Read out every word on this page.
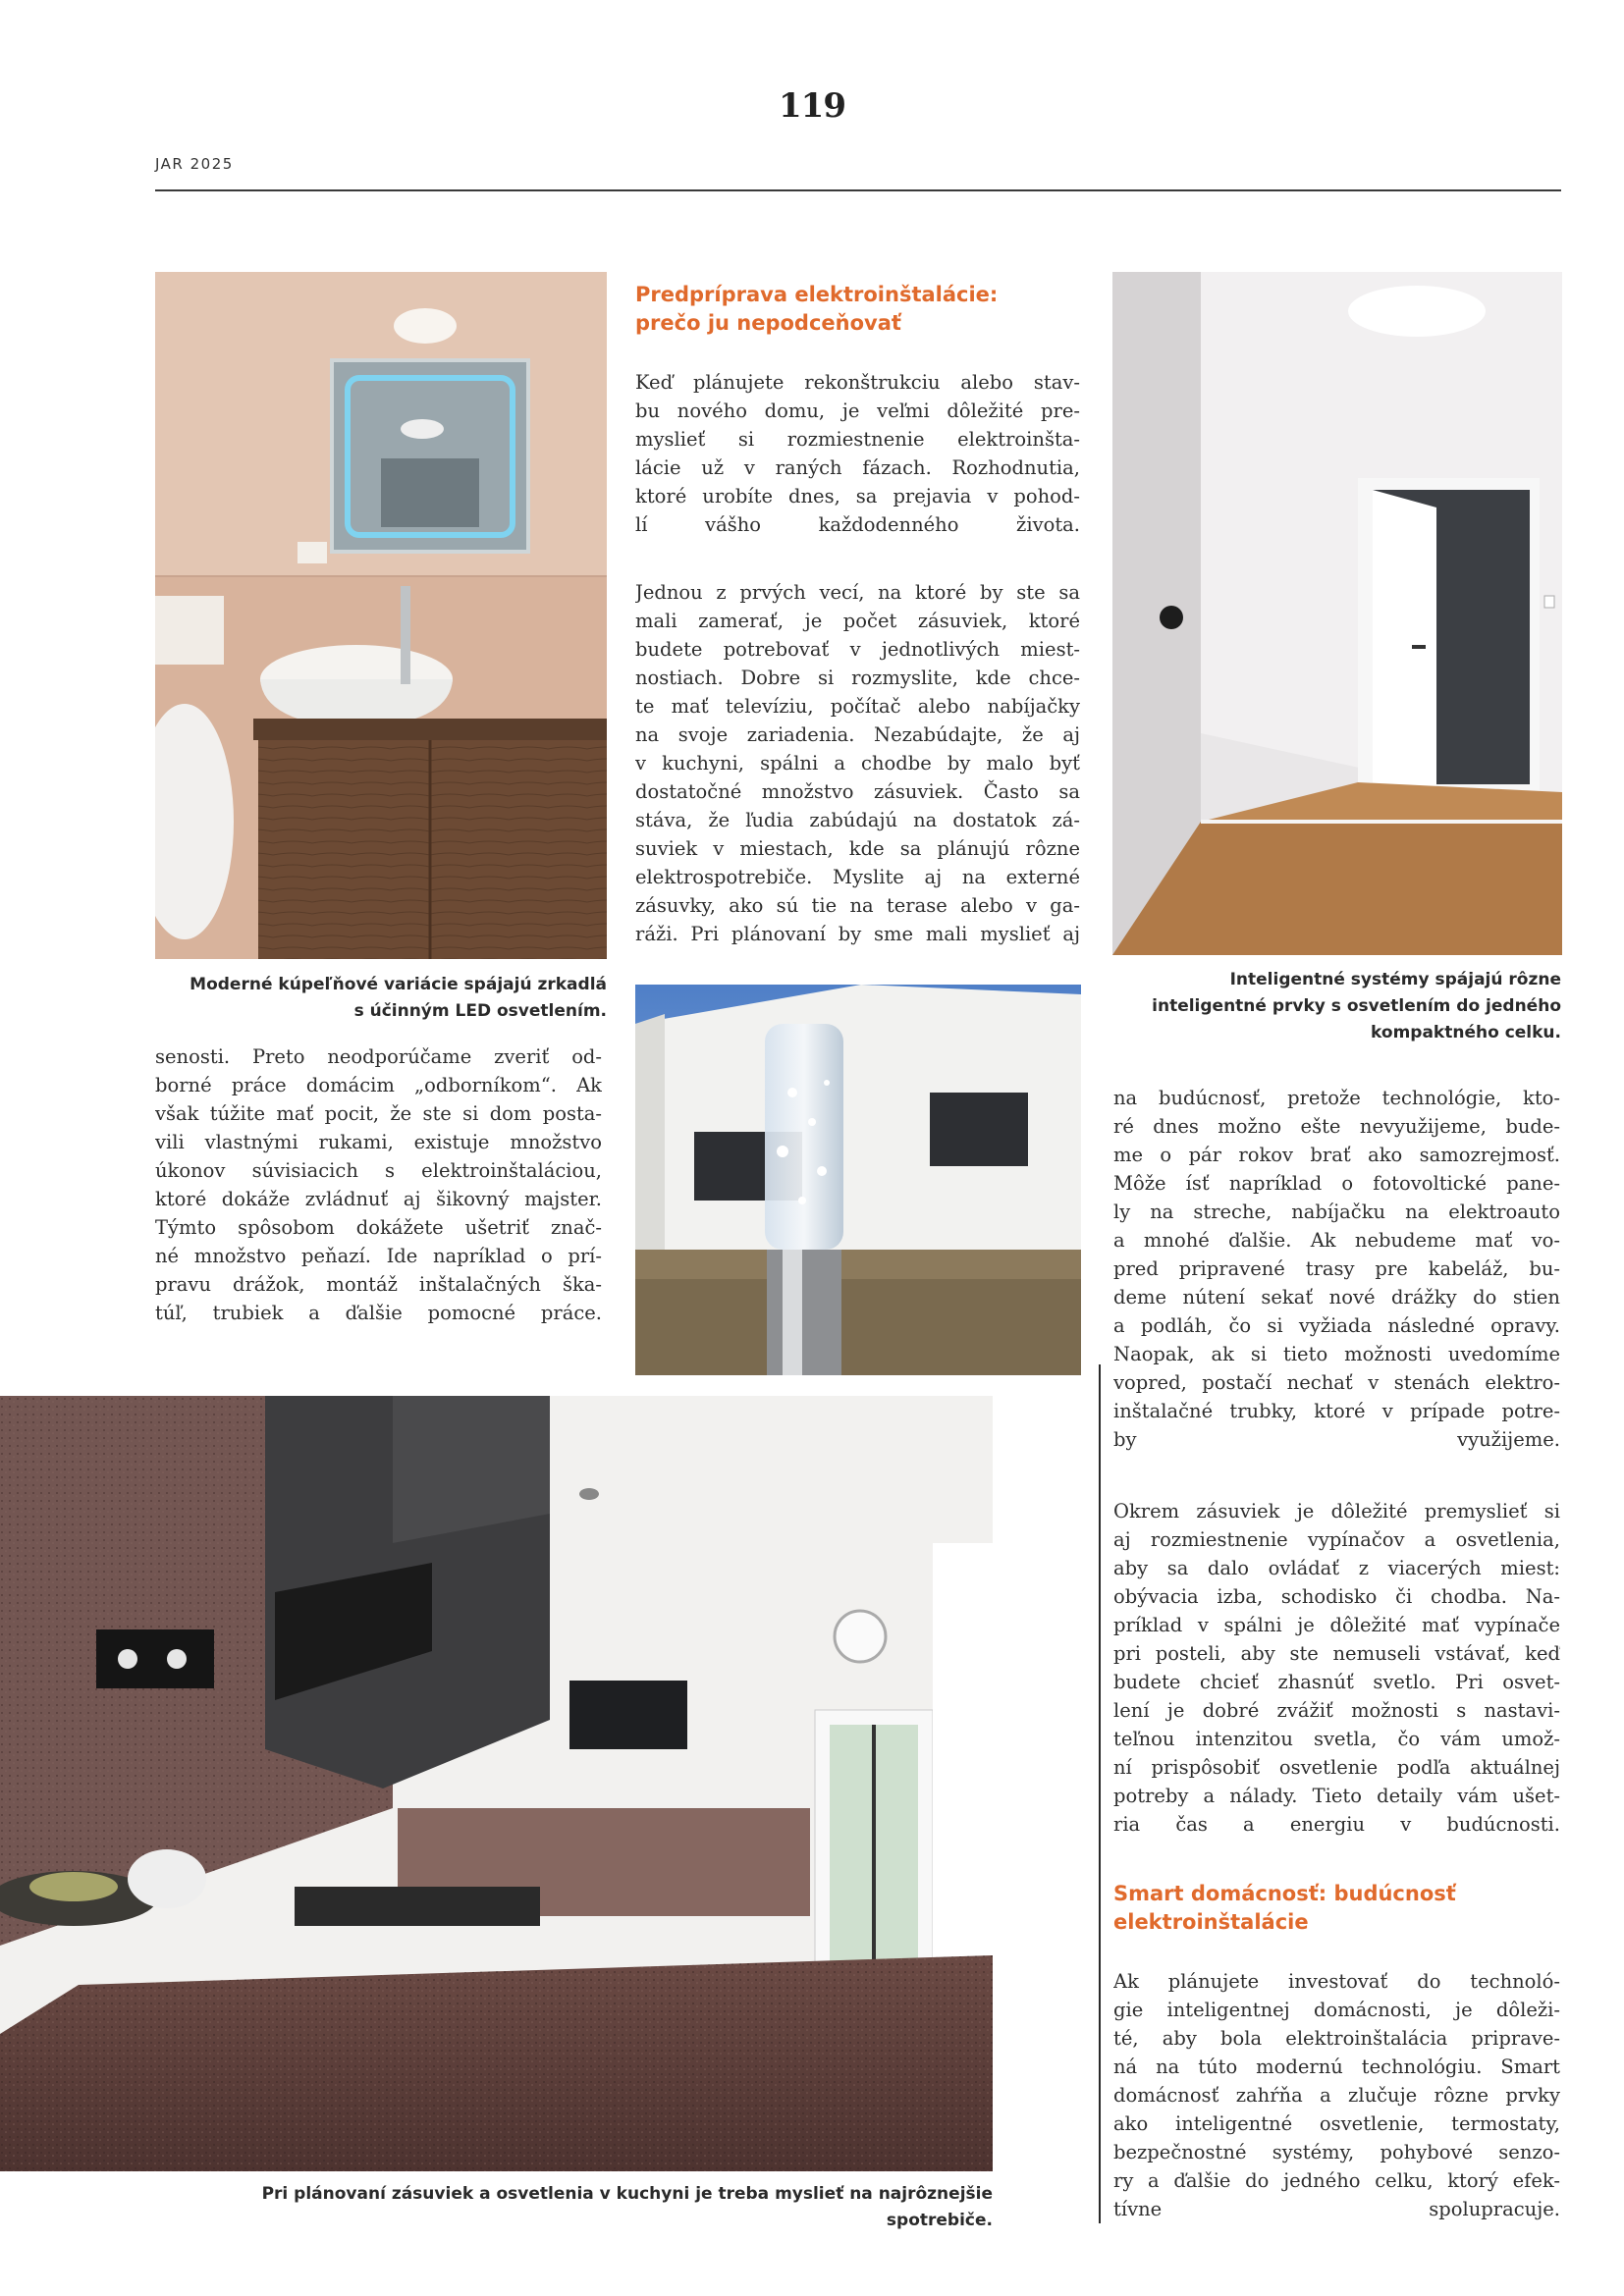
119
JAR 2025
Moderné kúpeľňové variácie spájajú zrkadlá
s účinným LED osvetlením.
Predpríprava elektroinštalácie:
prečo ju nepodceňovať
Keď plánujete rekonštrukciu alebo stav-
bu nového domu, je veľmi dôležité pre-
myslieť si rozmiestnenie elektroinšta-
lácie už v raných fázach. Rozhodnutia,
ktoré urobíte dnes, sa prejavia v pohod-
lí vášho každodenného života.
Jednou z prvých vecí, na ktoré by ste sa
mali zamerať, je počet zásuviek, ktoré
budete potrebovať v jednotlivých miest-
nostiach. Dobre si rozmyslite, kde chce-
te mať televíziu, počítač alebo nabíjačky
na svoje zariadenia. Nezabúdajte, že aj
v kuchyni, spálni a chodbe by malo byť
dostatočné množstvo zásuviek. Často sa
stáva, že ľudia zabúdajú na dostatok zá-
suviek v miestach, kde sa plánujú rôzne
elektrospotrebiče. Myslite aj na externé
zásuvky, ako sú tie na terase alebo v ga-
ráži. Pri plánovaní by sme mali myslieť aj
senosti. Preto neodporúčame zveriť od-
borné práce domácim „odborníkom“. Ak
však túžite mať pocit, že ste si dom posta-
vili vlastnými rukami, existuje množstvo
úkonov súvisiacich s elektroinštaláciou,
ktoré dokáže zvládnuť aj šikovný majster.
Týmto spôsobom dokážete ušetriť znač-
né množstvo peňazí. Ide napríklad o prí-
pravu drážok, montáž inštalačných ška-
túľ, trubiek a ďalšie pomocné práce.
Inteligentné systémy spájajú rôzne
inteligentné prvky s osvetlením do jedného
kompaktného celku.
na budúcnosť, pretože technológie, kto-
ré dnes možno ešte nevyužijeme, bude-
me o pár rokov brať ako samozrejmosť.
Môže ísť napríklad o fotovoltické pane-
ly na streche, nabíjačku na elektroauto
a mnohé ďalšie. Ak nebudeme mať vo-
pred pripravené trasy pre kabeláž, bu-
deme nútení sekať nové drážky do stien
a podláh, čo si vyžiada následné opravy.
Naopak, ak si tieto možnosti uvedomíme
vopred, postačí nechať v stenách elektro-
inštalačné trubky, ktoré v prípade potre-
by využijeme.
Okrem zásuviek je dôležité premyslieť si
aj rozmiestnenie vypínačov a osvetlenia,
aby sa dalo ovládať z viacerých miest:
obývacia izba, schodisko či chodba. Na-
príklad v spálni je dôležité mať vypínače
pri posteli, aby ste nemuseli vstávať, keď
budete chcieť zhasnúť svetlo. Pri osvet-
lení je dobré zvážiť možnosti s nastavi-
teľnou intenzitou svetla, čo vám umož-
ní prispôsobiť osvetlenie podľa aktuálnej
potreby a nálady. Tieto detaily vám ušet-
ria čas a energiu v budúcnosti.
Smart domácnosť: budúcnosť
elektroinštalácie
Ak plánujete investovať do technoló-
gie inteligentnej domácnosti, je dôleži-
té, aby bola elektroinštalácia priprave-
ná na túto modernú technológiu. Smart
domácnosť zahŕňa a zlučuje rôzne prvky
ako inteligentné osvetlenie, termostaty,
bezpečnostné systémy, pohybové senzo-
ry a ďalšie do jedného celku, ktorý efek-
tívne spolupracuje.
Pri plánovaní zásuviek a osvetlenia v kuchyni je treba myslieť na najrôznejšie
spotrebiče.
